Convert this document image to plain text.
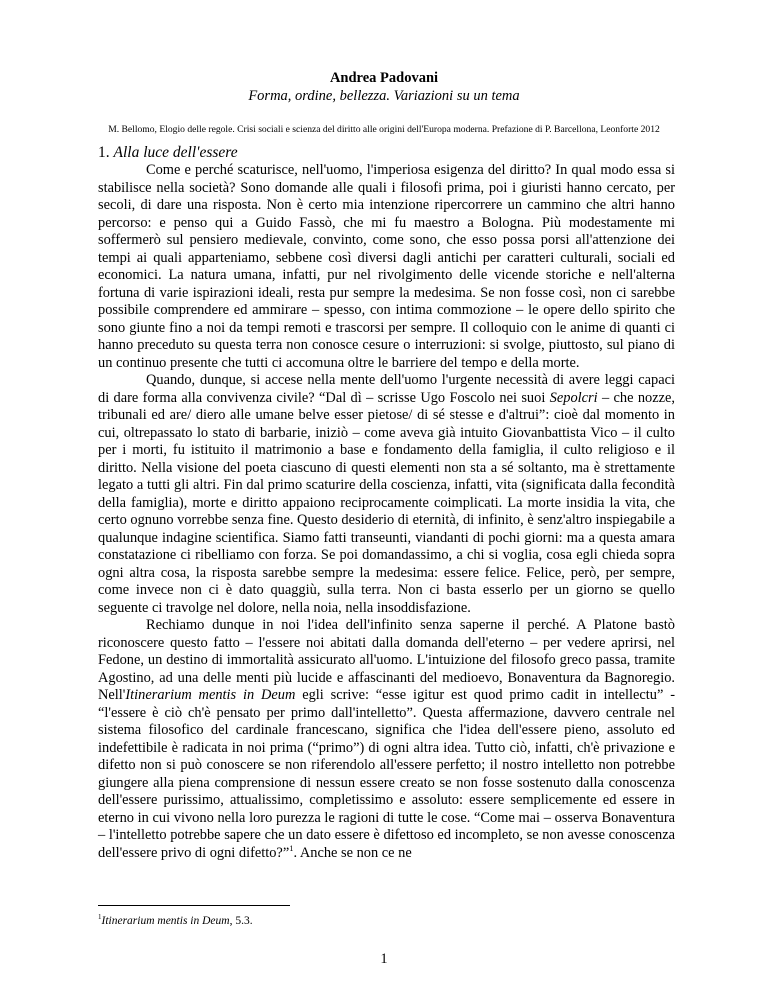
Andrea Padovani
Forma, ordine, bellezza. Variazioni su un tema
M. Bellomo, Elogio delle regole. Crisi sociali e scienza del diritto alle origini dell'Europa moderna. Prefazione di P. Barcellona, Leonforte 2012

1. Alla luce dell'essere

Come e perché scaturisce, nell'uomo, l'imperiosa esigenza del diritto? In qual modo essa si stabilisce nella società? Sono domande alle quali i filosofi prima, poi i giuristi hanno cercato, per secoli, di dare una risposta. Non è certo mia intenzione ripercorrere un cammino che altri hanno percorso: e penso qui a Guido Fassò, che mi fu maestro a Bologna. Più modestamente mi soffermerò sul pensiero medievale, convinto, come sono, che esso possa porsi all'attenzione dei tempi ai quali apparteniamo, sebbene così diversi dagli antichi per caratteri culturali, sociali ed economici. La natura umana, infatti, pur nel rivolgimento delle vicende storiche e nell'alterna fortuna di varie ispirazioni ideali, resta pur sempre la medesima. Se non fosse così, non ci sarebbe possibile comprendere ed ammirare – spesso, con intima commozione – le opere dello spirito che sono giunte fino a noi da tempi remoti e trascorsi per sempre. Il colloquio con le anime di quanti ci hanno preceduto su questa terra non conosce cesure o interruzioni: si svolge, piuttosto, sul piano di un continuo presente che tutti ci accomuna oltre le barriere del tempo e della morte.

Quando, dunque, si accese nella mente dell'uomo l'urgente necessità di avere leggi capaci di dare forma alla convivenza civile? “Dal dì – scrisse Ugo Foscolo nei suoi Sepolcri – che nozze, tribunali ed are/ diero alle umane belve esser pietose/ di sé stesse e d'altrui”: cioè dal momento in cui, oltrepassato lo stato di barbarie, iniziò – come aveva già intuito Giovanbattista Vico – il culto per i morti, fu istituito il matrimonio a base e fondamento della famiglia, il culto religioso e il diritto. Nella visione del poeta ciascuno di questi elementi non sta a sé soltanto, ma è strettamente legato a tutti gli altri. Fin dal primo scaturire della coscienza, infatti, vita (significata dalla fecondità della famiglia), morte e diritto appaiono reciprocamente coimplicati. La morte insidia la vita, che certo ognuno vorrebbe senza fine. Questo desiderio di eternità, di infinito, è senz'altro inspiegabile a qualunque indagine scientifica. Siamo fatti transeunti, viandanti di pochi giorni: ma a questa amara constatazione ci ribelliamo con forza. Se poi domandassimo, a chi si voglia, cosa egli chieda sopra ogni altra cosa, la risposta sarebbe sempre la medesima: essere felice. Felice, però, per sempre, come invece non ci è dato quaggiù, sulla terra. Non ci basta esserlo per un giorno se quello seguente ci travolge nel dolore, nella noia, nella insoddisfazione.

Rechiamo dunque in noi l'idea dell'infinito senza saperne il perché. A Platone bastò riconoscere questo fatto – l'essere noi abitati dalla domanda dell'eterno – per vedere aprirsi, nel Fedone, un destino di immortalità assicurato all'uomo. L'intuizione del filosofo greco passa, tramite Agostino, ad una delle menti più lucide e affascinanti del medioevo, Bonaventura da Bagnoregio. Nell'Itinerarium mentis in Deum egli scrive: “esse igitur est quod primo cadit in intellectu” - “l'essere è ciò ch'è pensato per primo dall'intelletto”. Questa affermazione, davvero centrale nel sistema filosofico del cardinale francescano, significa che l'idea dell'essere pieno, assoluto ed indefettibile è radicata in noi prima (“primo”) di ogni altra idea. Tutto ciò, infatti, ch'è privazione e difetto non si può conoscere se non riferendolo all'essere perfetto; il nostro intelletto non potrebbe giungere alla piena comprensione di nessun essere creato se non fosse sostenuto dalla conoscenza dell'essere purissimo, attualissimo, completissimo e assoluto: essere semplicemente ed essere in eterno in cui vivono nella loro purezza le ragioni di tutte le cose. “Come mai – osserva Bonaventura – l'intelletto potrebbe sapere che un dato essere è difettoso ed incompleto, se non avesse conoscenza dell'essere privo di ogni difetto?”$^1$. Anche se non ce ne

$^1$Itinerarium mentis in Deum, 5.3.
1
